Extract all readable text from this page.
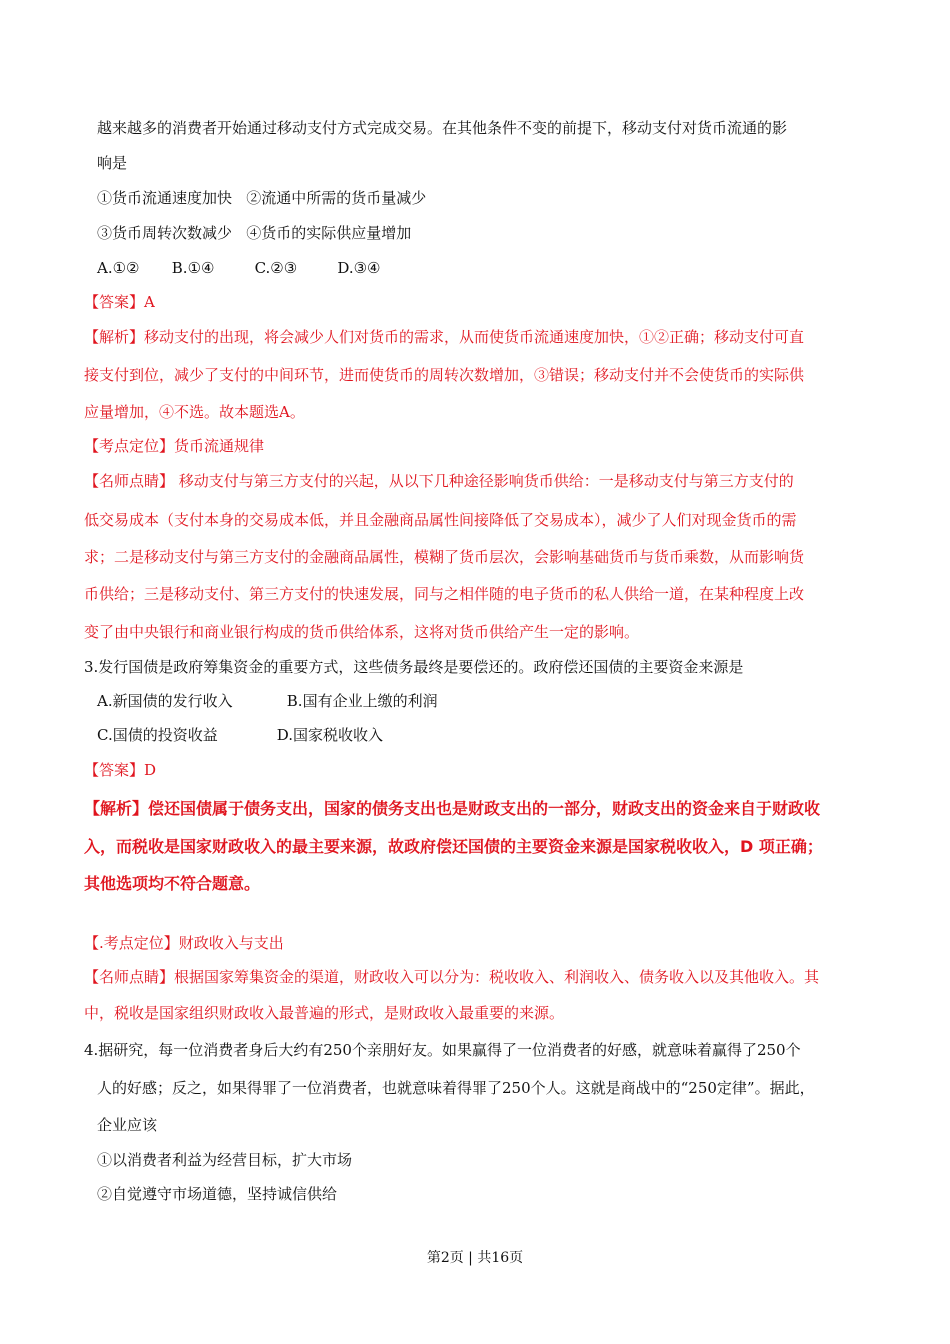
越来越多的消费者开始通过移动支付方式完成交易。在其他条件不变的前提下，移动支付对货币流通的影
响是
①货币流通速度加快   ②流通中所需的货币量减少
③货币周转次数减少   ④货币的实际供应量增加
A.①② B.①④	C.②③	D.③④
【答案】A
【解析】移动支付的出现，将会减少人们对货币的需求，从而使货币流通速度加快，①②正确；移动支付可直
接支付到位，减少了支付的中间环节，进而使货币的周转次数增加，③错误；移动支付并不会使货币的实际供
应量增加，④不选。故本题选A。
【考点定位】货币流通规律
【名师点睛】 移动支付与第三方支付的兴起，从以下几种途径影响货币供给：一是移动支付与第三方支付的
低交易成本（支付本身的交易成本低，并且金融商品属性间接降低了交易成本），减少了人们对现金货币的需
求；二是移动支付与第三方支付的金融商品属性，模糊了货币层次，会影响基础货币与货币乘数，从而影响货
币供给；三是移动支付、第三方支付的快速发展，同与之相伴随的电子货币的私人供给一道，在某种程度上改
变了由中央银行和商业银行构成的货币供给体系，这将对货币供给产生一定的影响。
3.发行国债是政府筹集资金的重要方式，这些债务最终是要偿还的。政府偿还国债的主要资金来源是
A.新国债的发行收入	B.国有企业上缴的利润
C.国债的投资收益	D.国家税收收入
【答案】D
【解析】偿还国债属于债务支出，国家的债务支出也是财政支出的一部分，财政支出的资金来自于财政收
入，而税收是国家财政收入的最主要来源，故政府偿还国债的主要资金来源是国家税收收入，D 项正确；
其他选项均不符合题意。
【.考点定位】财政收入与支出
【名师点睛】根据国家筹集资金的渠道，财政收入可以分为：税收收入、利润收入、债务收入以及其他收入。其
中，税收是国家组织财政收入最普遍的形式，是财政收入最重要的来源。
4.据研究，每一位消费者身后大约有250个亲朋好友。如果赢得了一位消费者的好感，就意味着赢得了250个
人的好感；反之，如果得罪了一位消费者，也就意味着得罪了250个人。这就是商战中的“250定律”。据此，
企业应该
①以消费者利益为经营目标，扩大市场
②自觉遵守市场道德，坚持诚信供给
第2页 | 共16页
